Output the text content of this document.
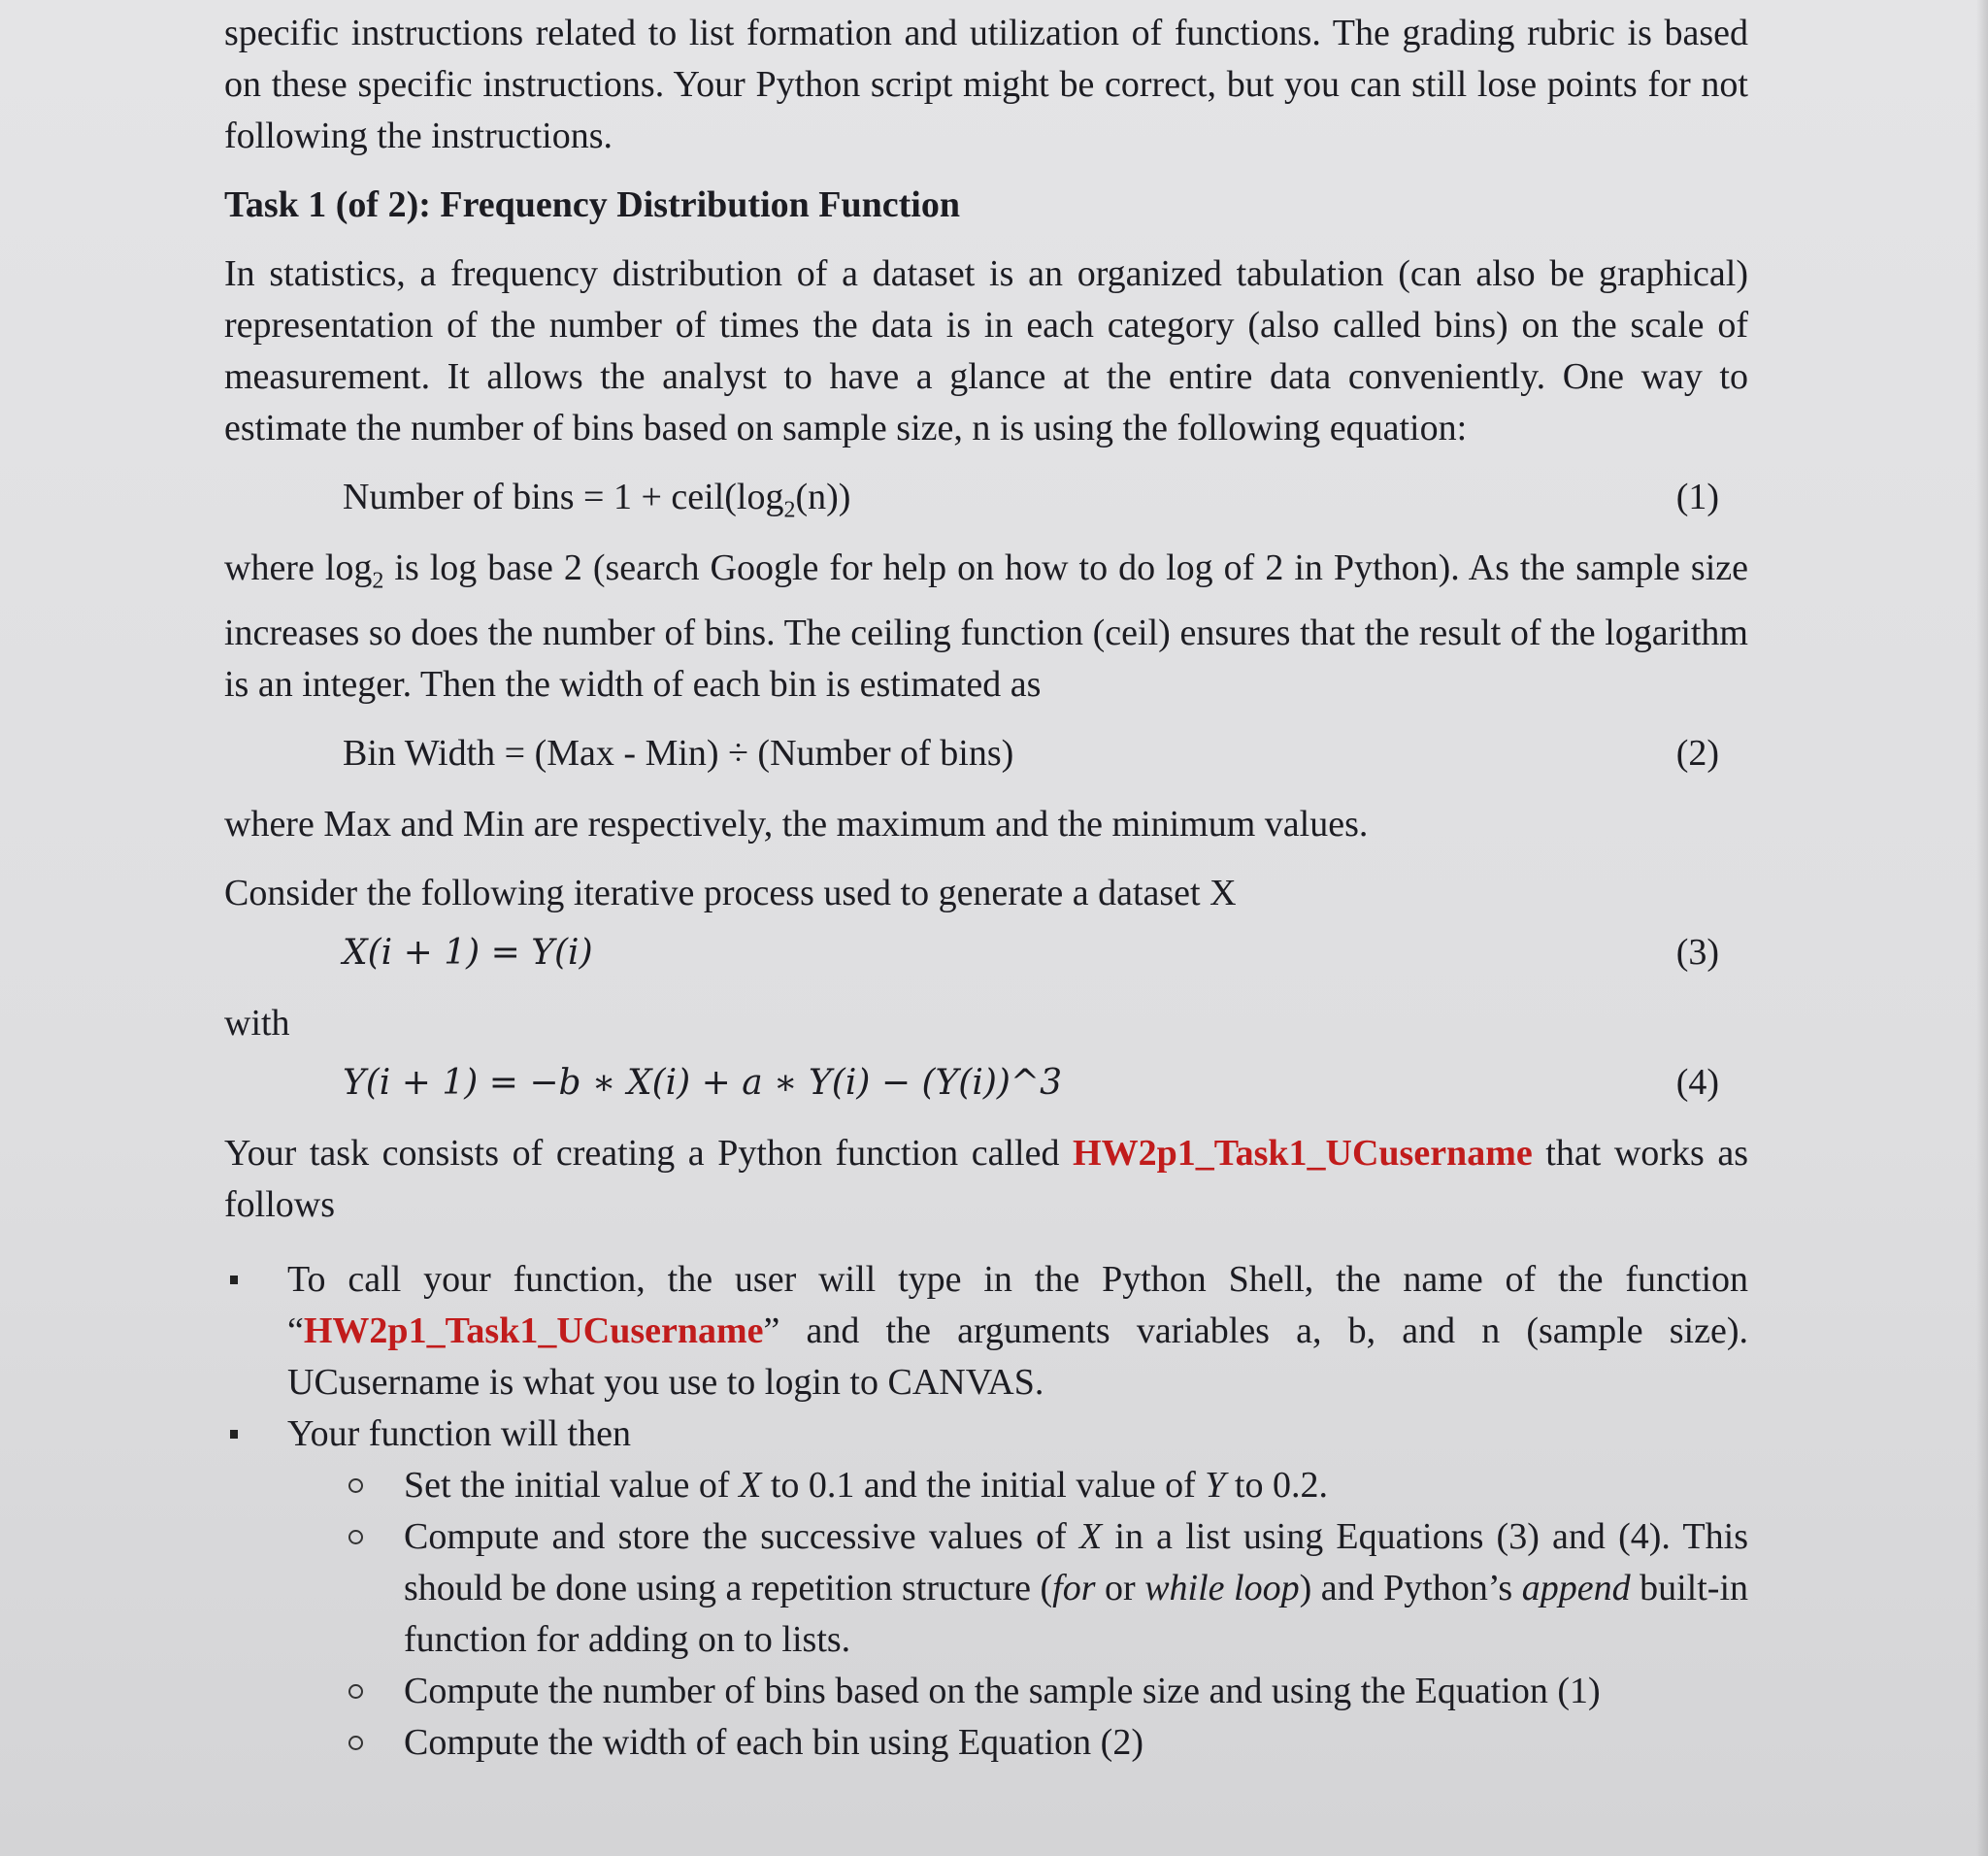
specific instructions related to list formation and utilization of functions. The grading rubric is based on these specific instructions. Your Python script might be correct, but you can still lose points for not following the instructions.

Task 1 (of 2): Frequency Distribution Function

In statistics, a frequency distribution of a dataset is an organized tabulation (can also be graphical) representation of the number of times the data is in each category (also called bins) on the scale of measurement. It allows the analyst to have a glance at the entire data conveniently. One way to estimate the number of bins based on sample size, n is using the following equation:

Number of bins = $1 + ceil(\log_2(n))$	(1)

where $\log_2$ is log base 2 (search Google for help on how to do log of 2 in Python). As the sample size increases so does the number of bins. The ceiling function (ceil) ensures that the result of the logarithm is an integer. Then the width of each bin is estimated as

Bin Width = (Max - Min) ÷ (Number of bins)	(2)

where Max and Min are respectively, the maximum and the minimum values.

Consider the following iterative process used to generate a dataset X

X(i + 1) = Y(i)	(3)

with

Y(i + 1) = −b ∗ X(i) + a ∗ Y(i) − (Y(i))^3	(4)

Your task consists of creating a Python function called HW2p1_Task1_UCusername that works as follows

To call your function, the user will type in the Python Shell, the name of the function “HW2p1_Task1_UCusername” and the arguments variables a, b, and n (sample size). UCusername is what you use to login to CANVAS.
Your function will then
Set the initial value of X to 0.1 and the initial value of Y to 0.2.
Compute and store the successive values of X in a list using Equations (3) and (4). This should be done using a repetition structure (for or while loop) and Python’s append built-in function for adding on to lists.
Compute the number of bins based on the sample size and using the Equation (1)
Compute the width of each bin using Equation (2)
